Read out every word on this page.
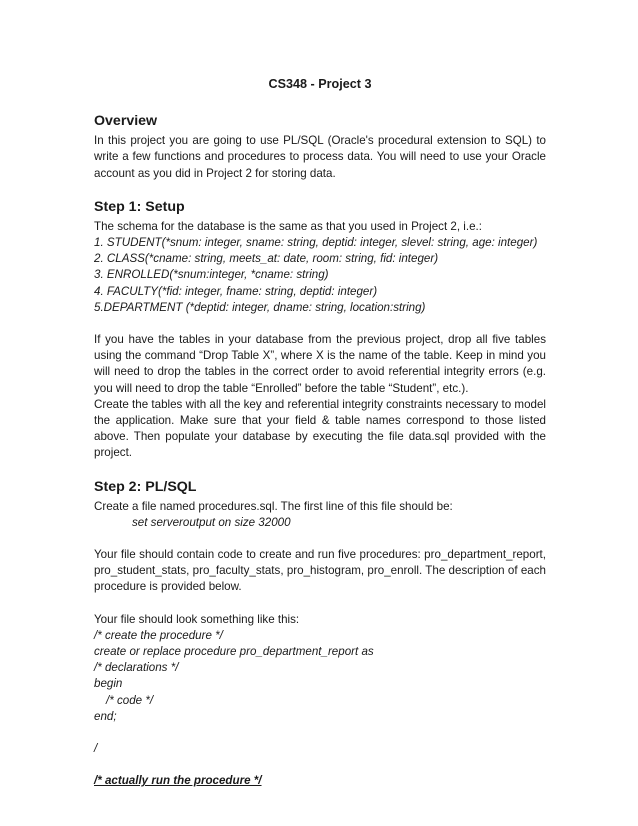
CS348 - Project 3
Overview

In this project you are going to use PL/SQL (Oracle's procedural extension to SQL) to write a few functions and procedures to process data. You will need to use your Oracle account as you did in Project 2 for storing data.

Step 1: Setup

The schema for the database is the same as that you used in Project 2, i.e.:

1. STUDENT(*snum: integer, sname: string, deptid: integer, slevel: string, age: integer)
2. CLASS(*cname: string, meets_at: date, room: string, fid: integer)
3. ENROLLED(*snum:integer, *cname: string)
4. FACULTY(*fid: integer, fname: string, deptid: integer)
5.DEPARTMENT (*deptid: integer, dname: string, location:string)

If you have the tables in your database from the previous project, drop all five tables using the command “Drop Table X”, where X is the name of the table. Keep in mind you will need to drop the tables in the correct order to avoid referential integrity errors (e.g. you will need to drop the table “Enrolled” before the table “Student”, etc.).

Create the tables with all the key and referential integrity constraints necessary to model the application. Make sure that your field & table names correspond to those listed above. Then populate your database by executing the file data.sql provided with the project.

Step 2: PL/SQL

Create a file named procedures.sql. The first line of this file should be:

set serveroutput on size 32000

Your file should contain code to create and run five procedures: pro_department_report, pro_student_stats, pro_faculty_stats, pro_histogram, pro_enroll. The description of each procedure is provided below.

Your file should look something like this:
/* create the procedure */
create or replace procedure pro_department_report as
/* declarations */
begin
/* code */
end;
/
/* actually run the procedure */
